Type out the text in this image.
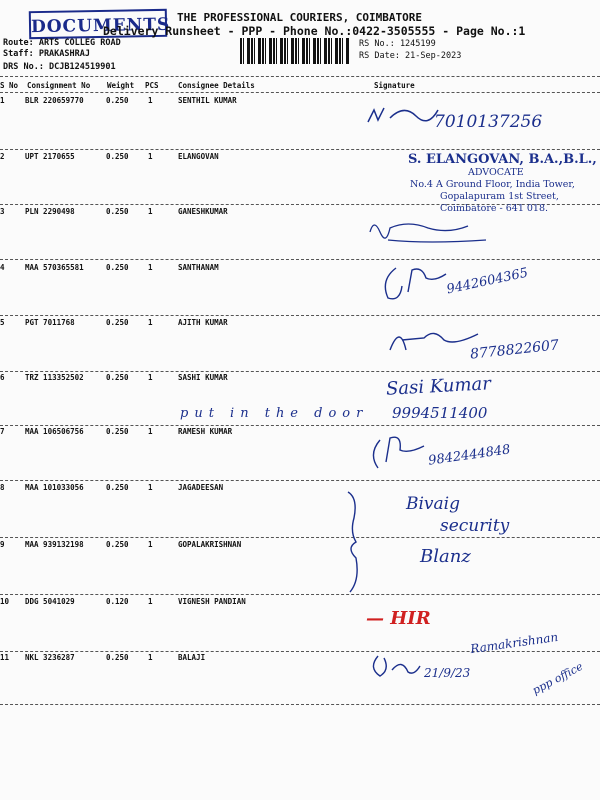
DOCUMENTS THE PROFESSIONAL COURIERS, COIMBATORE
Delivery Runsheet - PPP - Phone No.:0422-3505555 - Page No.:1
Route: ARTS COLLEG ROAD
Staff: PRAKASHRAJ
DRS No.: DCJB124519901
RS No.: 1245199
RS Date: 21-Sep-2023
S No Consignment No Weight PCS	Consignee Details	Signature
1	BLR 220659770	0.250	1	SENTHIL KUMAR
2	UPT 2170655	0.250	1	ELANGOVAN
3	PLN 2290498	0.250	1	GANESHKUMAR
4	MAA 570365581	0.250	1	SANTHANAM
5	PGT 7011768	0.250	1	AJITH KUMAR
6	TRZ 113352502	0.250	1	SASHI KUMAR
7	MAA 106506756	0.250	1	RAMESH KUMAR
8	MAA 101033056	0.250	1	JAGADEESAN
9	MAA 939132198	0.250	1	GOPALAKRISHNAN
10 DDG 5041029	0.120	1	VIGNESH PANDIAN
11 NKL 3236287	0.250	1	BALAJI
7010137256
S. ELANGOVAN, B.A.,B.L.,
ADVOCATE
No.4 A Ground Floor, India Tower,
Gopalapuram 1st Street,
Coimbatore - 641 018.
9442604365
8778822607
Sasi Kumar
9994511400
put in the door
9842444848
Bivaig
security
Blanz
— HIR
Ramakrishnan
21/9/23	ppp office
